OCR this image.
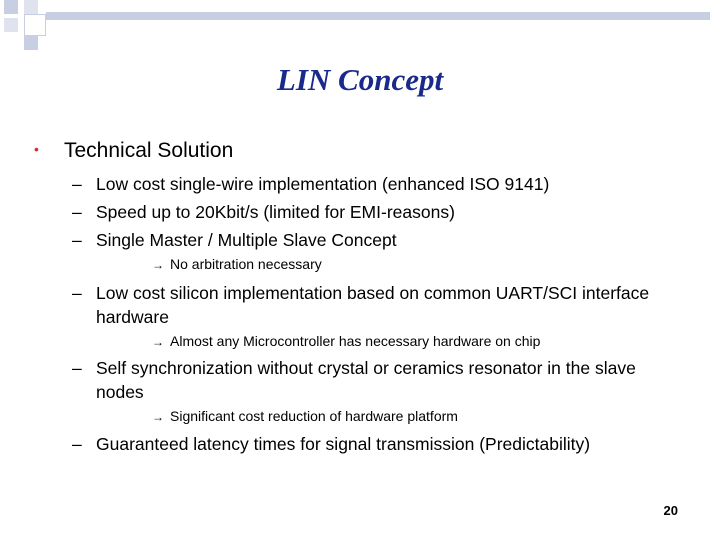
LIN Concept
• Technical Solution
– Low cost single-wire implementation (enhanced ISO 9141)
– Speed up to 20Kbit/s (limited for EMI-reasons)
– Single Master / Multiple Slave Concept
→ No arbitration necessary
– Low cost silicon implementation based on common UART/SCI interface hardware
→ Almost any Microcontroller has necessary hardware on chip
– Self synchronization without crystal or ceramics resonator in the slave nodes
→ Significant cost reduction of hardware platform
– Guaranteed latency times for signal transmission (Predictability)
20
